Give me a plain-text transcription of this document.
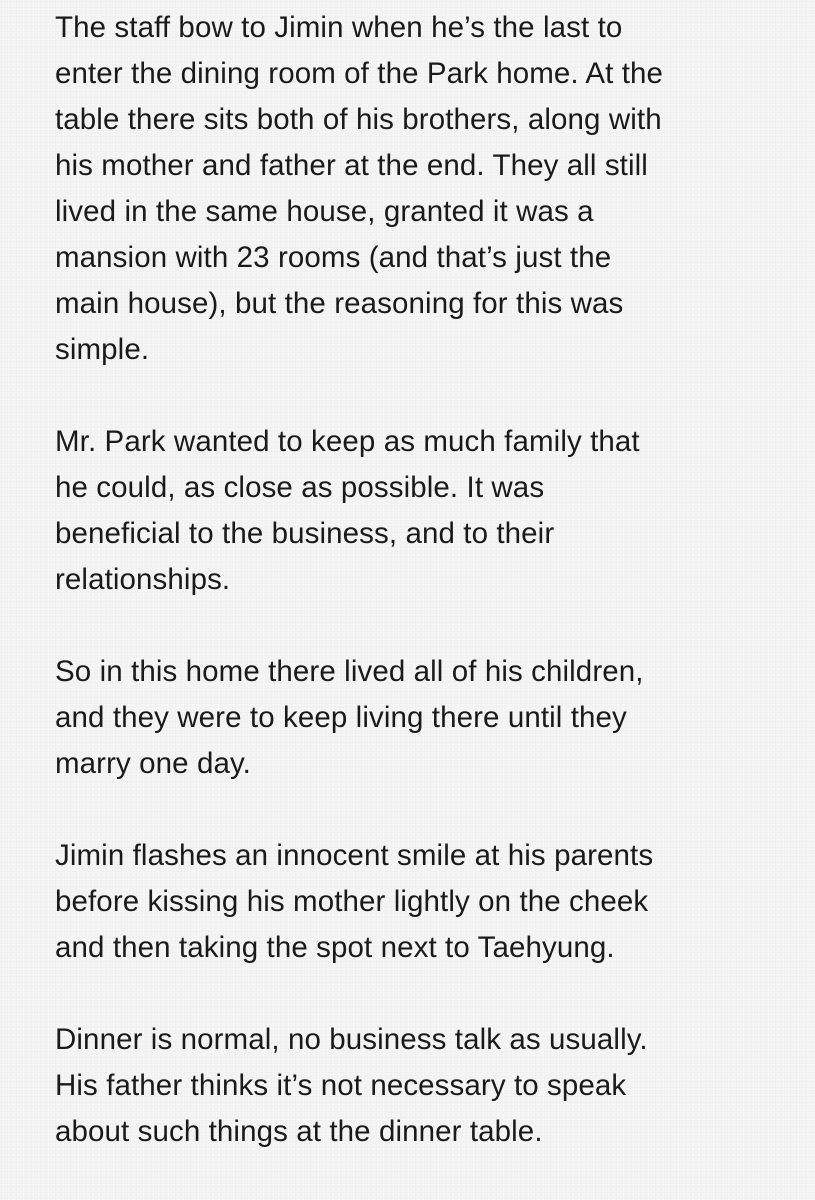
The staff bow to Jimin when he’s the last to
enter the dining room of the Park home. At the
table there sits both of his brothers, along with
his mother and father at the end. They all still
lived in the same house, granted it was a
mansion with 23 rooms (and that’s just the
main house), but the reasoning for this was
simple.

Mr. Park wanted to keep as much family that
he could, as close as possible. It was
beneficial to the business, and to their
relationships.

So in this home there lived all of his children,
and they were to keep living there until they
marry one day.

Jimin flashes an innocent smile at his parents
before kissing his mother lightly on the cheek
and then taking the spot next to Taehyung.

Dinner is normal, no business talk as usually.
His father thinks it’s not necessary to speak
about such things at the dinner table.
